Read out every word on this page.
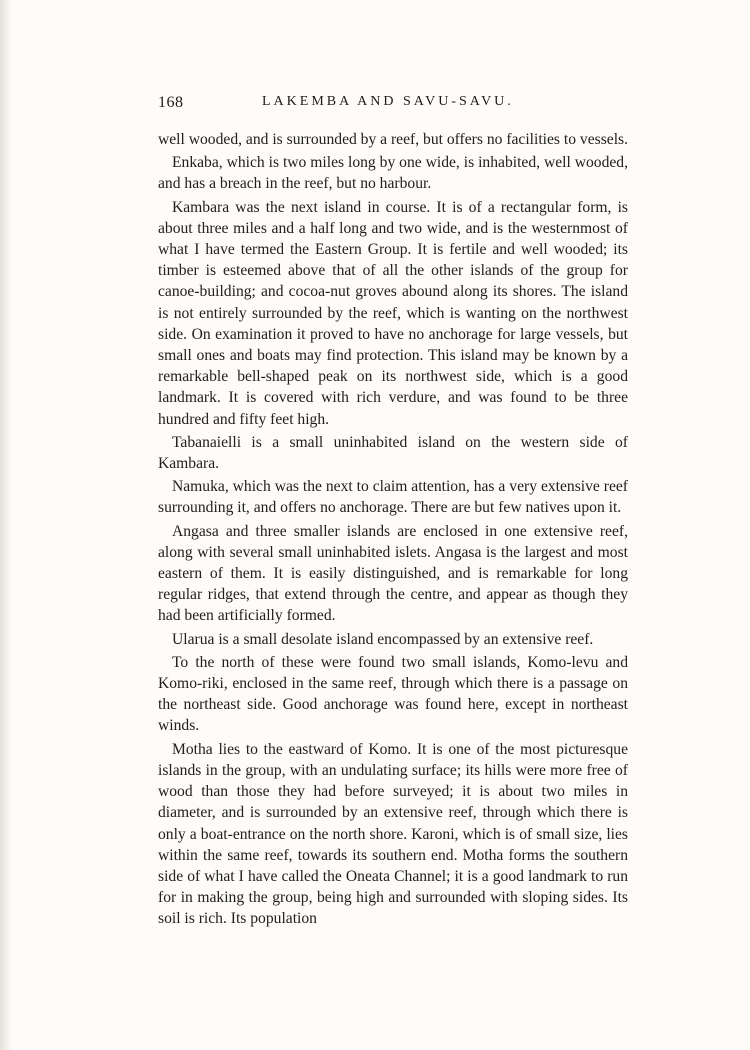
168	LAKEMBA AND SAVU-SAVU.

well wooded, and is surrounded by a reef, but offers no facilities to vessels.

Enkaba, which is two miles long by one wide, is inhabited, well wooded, and has a breach in the reef, but no harbour.

Kambara was the next island in course. It is of a rectangular form, is about three miles and a half long and two wide, and is the westernmost of what I have termed the Eastern Group. It is fertile and well wooded; its timber is esteemed above that of all the other islands of the group for canoe-building; and cocoa-nut groves abound along its shores. The island is not entirely surrounded by the reef, which is wanting on the northwest side. On examination it proved to have no anchorage for large vessels, but small ones and boats may find protection. This island may be known by a remarkable bell-shaped peak on its northwest side, which is a good landmark. It is covered with rich verdure, and was found to be three hundred and fifty feet high.

Tabanaielli is a small uninhabited island on the western side of Kambara.

Namuka, which was the next to claim attention, has a very extensive reef surrounding it, and offers no anchorage. There are but few natives upon it.

Angasa and three smaller islands are enclosed in one extensive reef, along with several small uninhabited islets. Angasa is the largest and most eastern of them. It is easily distinguished, and is remarkable for long regular ridges, that extend through the centre, and appear as though they had been artificially formed.

Ularua is a small desolate island encompassed by an extensive reef.

To the north of these were found two small islands, Komo-levu and Komo-riki, enclosed in the same reef, through which there is a passage on the northeast side. Good anchorage was found here, except in northeast winds.

Motha lies to the eastward of Komo. It is one of the most picturesque islands in the group, with an undulating surface; its hills were more free of wood than those they had before surveyed; it is about two miles in diameter, and is surrounded by an extensive reef, through which there is only a boat-entrance on the north shore. Karoni, which is of small size, lies within the same reef, towards its southern end. Motha forms the southern side of what I have called the Oneata Channel; it is a good landmark to run for in making the group, being high and surrounded with sloping sides. Its soil is rich. Its population
